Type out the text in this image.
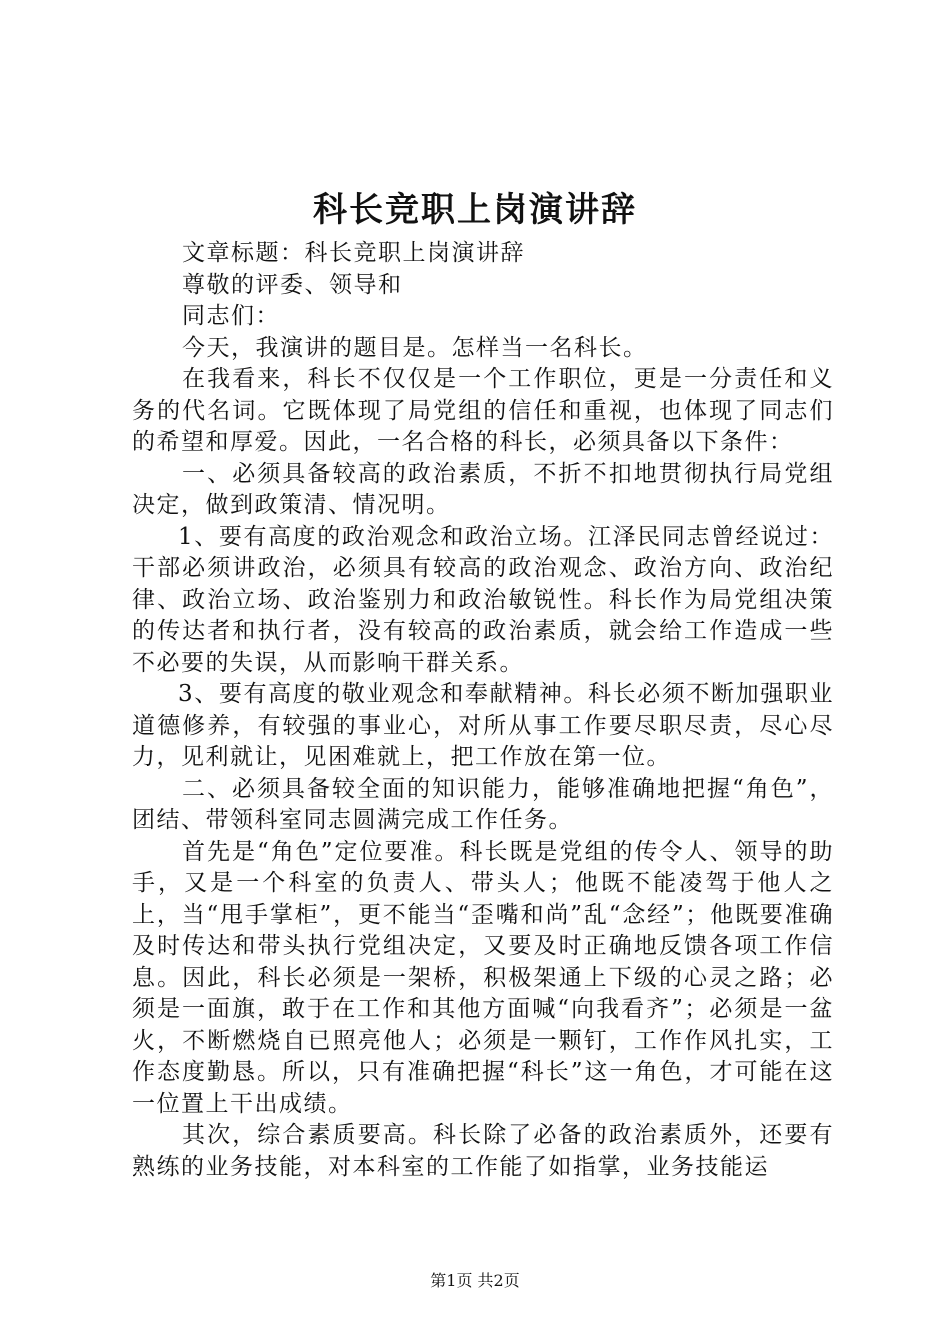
科长竞职上岗演讲辞

文章标题：科长竞职上岗演讲辞

尊敬的评委、领导和

同志们：

今天，我演讲的题目是。怎样当一名科长。

在我看来，科长不仅仅是一个工作职位，更是一分责任和义务的代名词。它既体现了局党组的信任和重视，也体现了同志们的希望和厚爱。因此，一名合格的科长，必须具备以下条件：

一、必须具备较高的政治素质，不折不扣地贯彻执行局党组决定，做到政策清、情况明。

1、要有高度的政治观念和政治立场。江泽民同志曾经说过：干部必须讲政治，必须具有较高的政治观念、政治方向、政治纪律、政治立场、政治鉴别力和政治敏锐性。科长作为局党组决策的传达者和执行者，没有较高的政治素质，就会给工作造成一些不必要的失误，从而影响干群关系。

3、要有高度的敬业观念和奉献精神。科长必须不断加强职业道德修养，有较强的事业心，对所从事工作要尽职尽责，尽心尽力，见利就让，见困难就上，把工作放在第一位。

二、必须具备较全面的知识能力，能够准确地把握“角色”，团结、带领科室同志圆满完成工作任务。

首先是“角色”定位要准。科长既是党组的传令人、领导的助手，又是一个科室的负责人、带头人；他既不能凌驾于他人之上，当“甩手掌柜”，更不能当“歪嘴和尚”乱“念经”；他既要准确及时传达和带头执行党组决定，又要及时正确地反馈各项工作信息。因此，科长必须是一架桥，积极架通上下级的心灵之路；必须是一面旗，敢于在工作和其他方面喊“向我看齐”；必须是一盆火，不断燃烧自已照亮他人；必须是一颗钉，工作作风扎实，工作态度勤恳。所以，只有准确把握“科长”这一角色，才可能在这一位置上干出成绩。

其次，综合素质要高。科长除了必备的政治素质外，还要有熟练的业务技能，对本科室的工作能了如指掌，业务技能运

第1页 共2页
